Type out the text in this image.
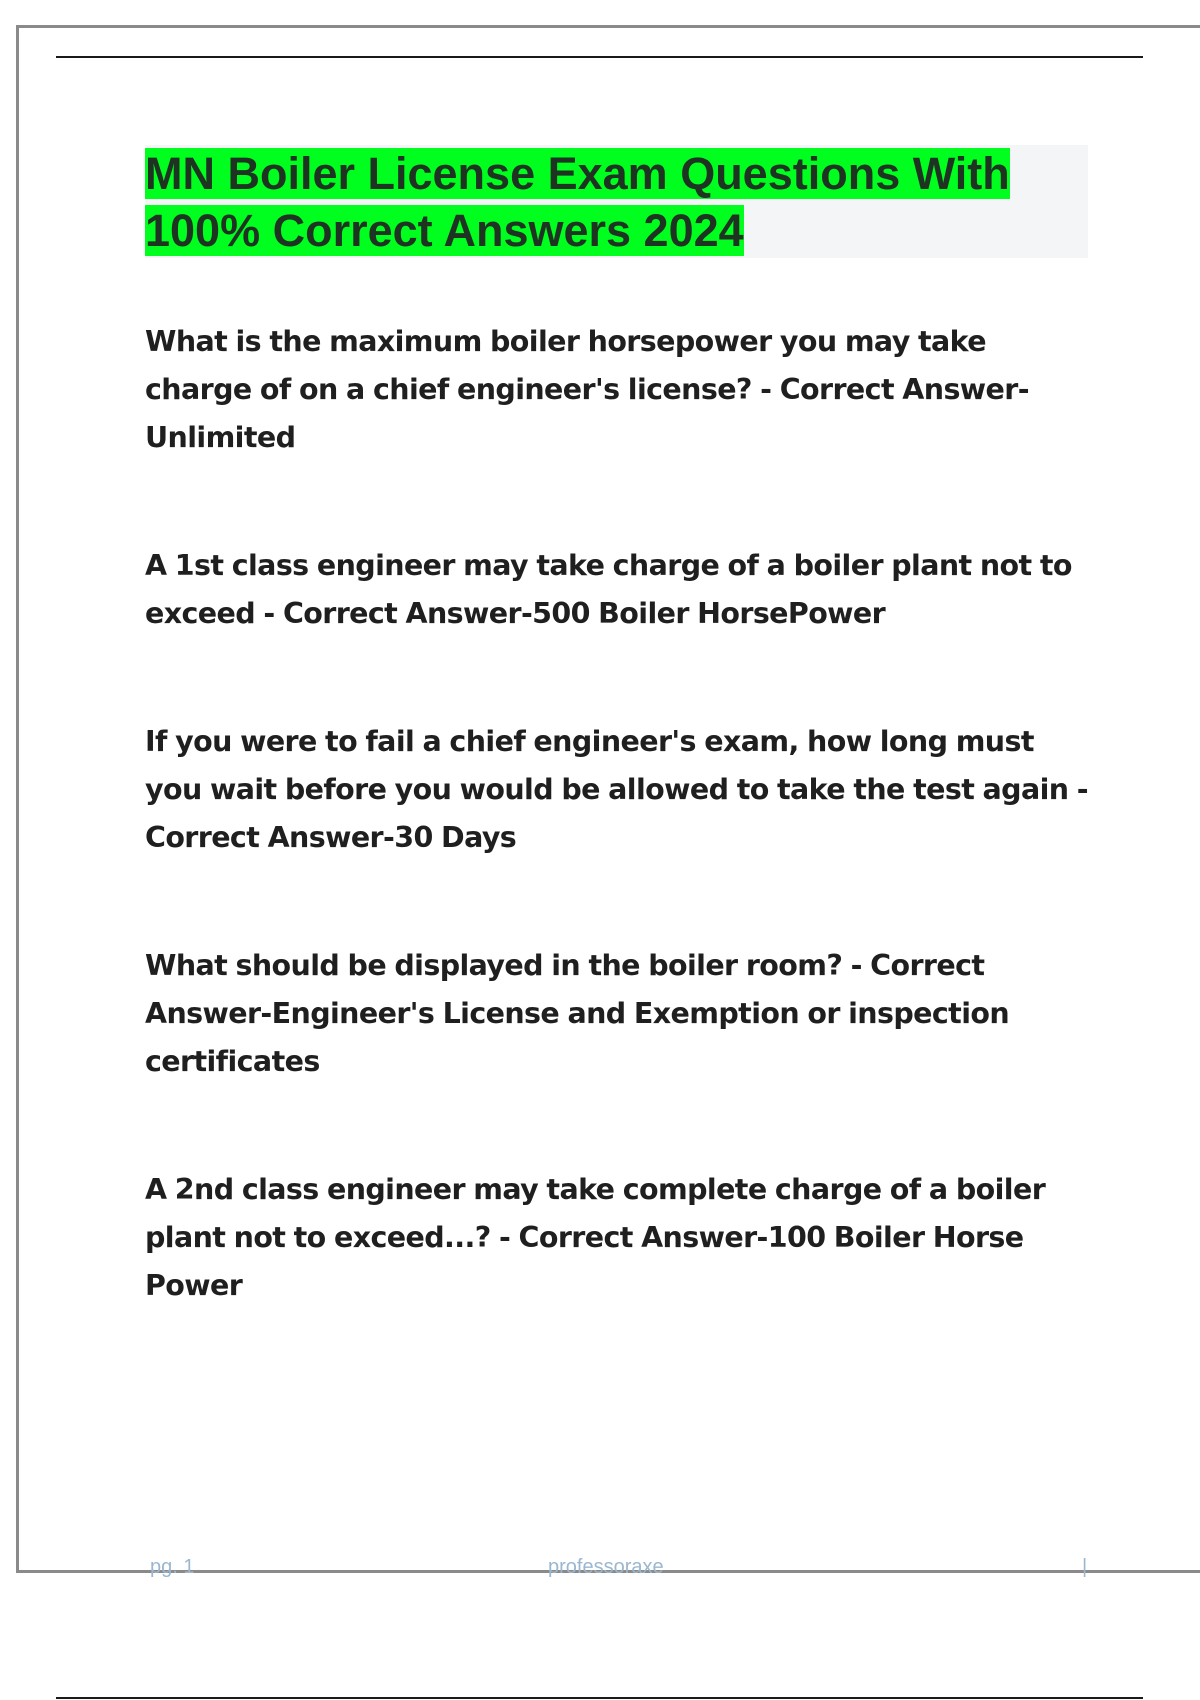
MN Boiler License Exam Questions With 100% Correct Answers 2024

What is the maximum boiler horsepower you may take charge of on a chief engineer's license? - Correct Answer-Unlimited

A 1st class engineer may take charge of a boiler plant not to exceed - Correct Answer-500 Boiler HorsePower

If you were to fail a chief engineer's exam, how long must you wait before you would be allowed to take the test again - Correct Answer-30 Days

What should be displayed in the boiler room? - Correct Answer-Engineer's License and Exemption or inspection certificates

A 2nd class engineer may take complete charge of a boiler plant not to exceed...? - Correct Answer-100 Boiler Horse Power

pg. 1	professoraxe	|
